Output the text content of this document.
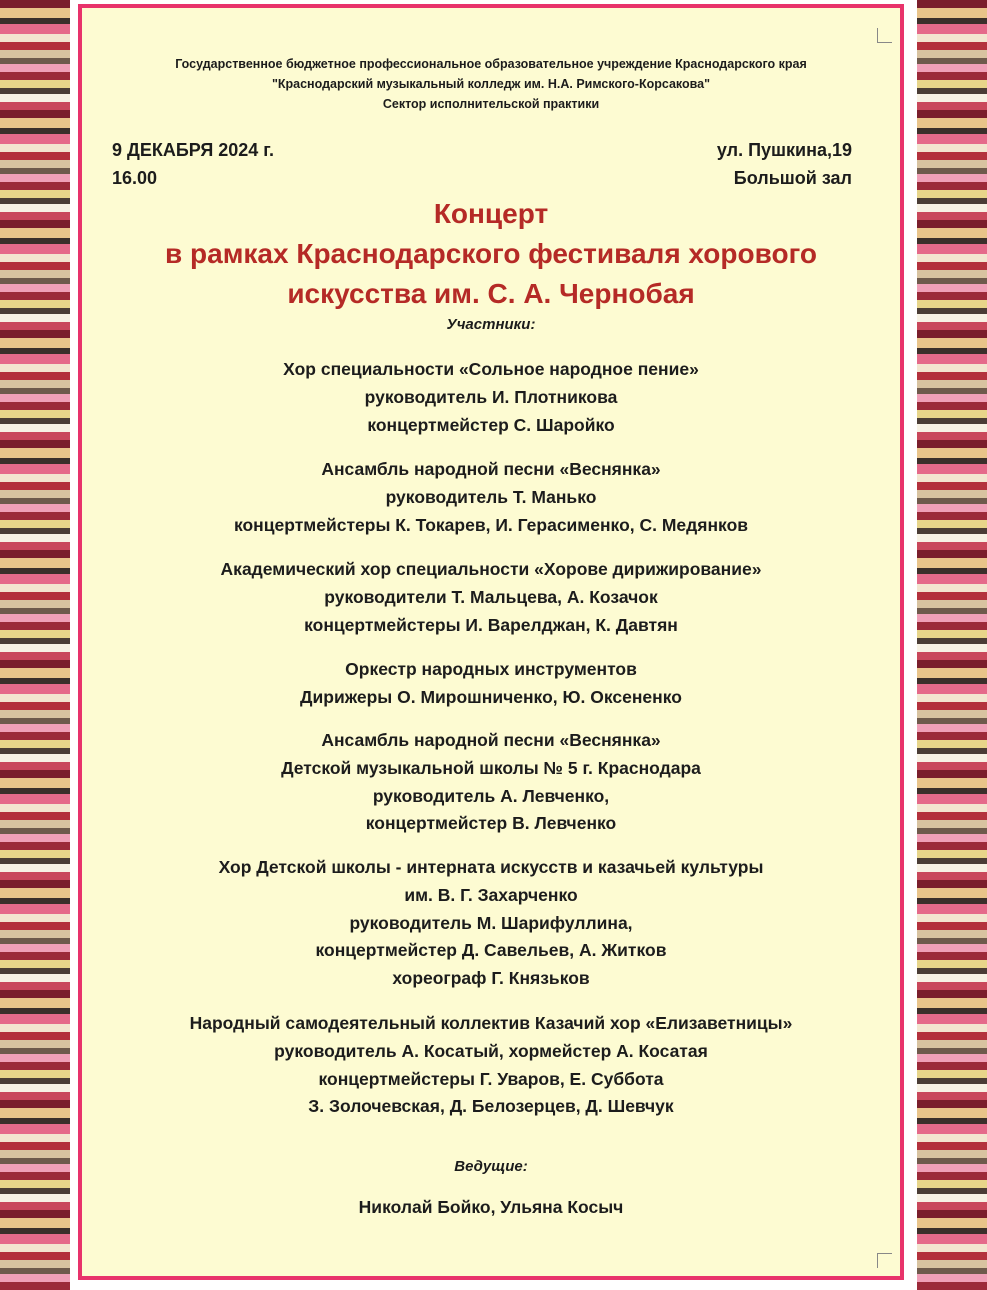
Государственное бюджетное профессиональное образовательное учреждение Краснодарского края
"Краснодарский музыкальный колледж им. Н.А. Римского-Корсакова"
Сектор исполнительской практики
9 ДЕКАБРЯ 2024 г.
16.00
ул. Пушкина,19
Большой зал
Концерт
в рамках Краснодарского фестиваля хорового
искусства им. С. А. Чернобая
Участники:
Хор специальности «Сольное народное пение»
руководитель И. Плотникова
концертмейстер С. Шаройко
Ансамбль народной песни «Веснянка»
руководитель Т. Манько
концертмейстеры К. Токарев, И. Герасименко, С. Медянков
Академический хор специальности «Хорове дирижирование»
руководители Т. Мальцева, А. Козачок
концертмейстеры И. Варелджан, К. Давтян
Оркестр народных инструментов
Дирижеры О. Мирошниченко, Ю. Оксененко
Ансамбль народной песни «Веснянка»
Детской музыкальной школы № 5 г. Краснодара
руководитель А. Левченко,
концертмейстер В. Левченко
Хор Детской школы - интерната искусств и казачьей культуры
им. В. Г. Захарченко
руководитель М. Шарифуллина,
концертмейстер Д. Савельев, А. Житков
хореограф Г. Князьков
Народный самодеятельный коллектив Казачий хор «Елизаветницы»
руководитель А. Косатый, хормейстер А. Косатая
концертмейстеры Г. Уваров, Е. Суббота
З. Золочевская, Д. Белозерцев, Д. Шевчук
Ведущие:
Николай Бойко, Ульяна Косыч
